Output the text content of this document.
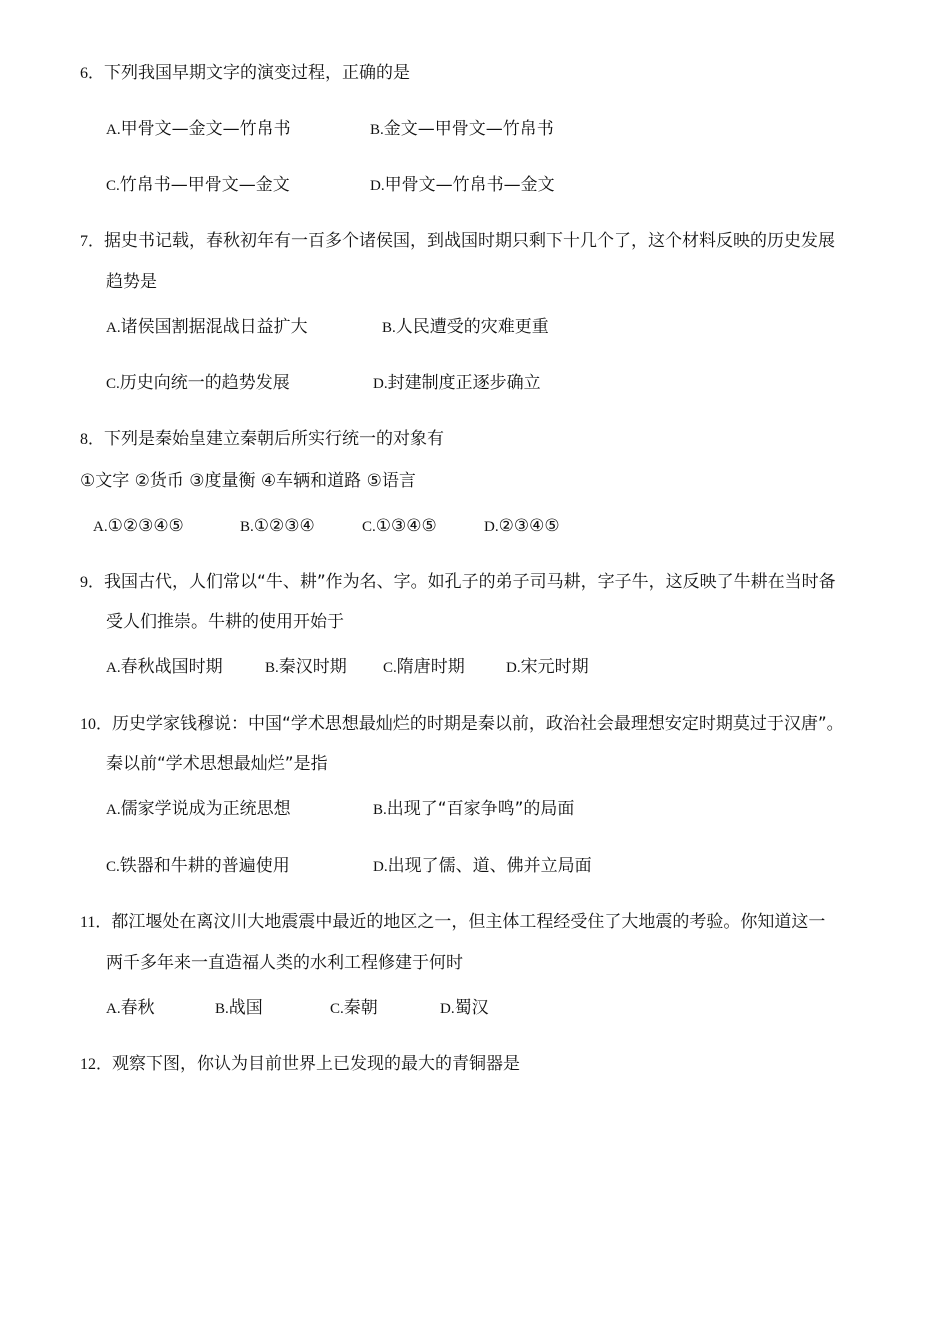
6．下列我国早期文字的演变过程，正确的是
A.甲骨文—金文—竹帛书	B.金文—甲骨文—竹帛书
C.竹帛书—甲骨文—金文	D.甲骨文—竹帛书—金文
7．据史书记载，春秋初年有一百多个诸侯国，到战国时期只剩下十几个了，这个材料反映的历史发展
趋势是
A.诸侯国割据混战日益扩大	B.人民遭受的灾难更重
C.历史向统一的趋势发展	D.封建制度正逐步确立
8．下列是秦始皇建立秦朝后所实行统一的对象有
①文字 ②货币 ③度量衡 ④车辆和道路 ⑤语言
A.①②③④⑤	B.①②③④	C.①③④⑤	D.②③④⑤
9．我国古代，人们常以“牛、耕”作为名、字。如孔子的弟子司马耕，字子牛，这反映了牛耕在当时备
受人们推崇。牛耕的使用开始于
A.春秋战国时期	B.秦汉时期 C.隋唐时期	D.宋元时期
10．历史学家钱穆说：中国“学术思想最灿烂的时期是秦以前，政治社会最理想安定时期莫过于汉唐”。
秦以前“学术思想最灿烂”是指
A.儒家学说成为正统思想	B.出现了“百家争鸣”的局面
C.铁器和牛耕的普遍使用	D.出现了儒、道、佛并立局面
11．都江堰处在离汶川大地震震中最近的地区之一，但主体工程经受住了大地震的考验。你知道这一
两千多年来一直造福人类的水利工程修建于何时
A.春秋	B.战国	C.秦朝	D.蜀汉
12．观察下图，你认为目前世界上已发现的最大的青铜器是
